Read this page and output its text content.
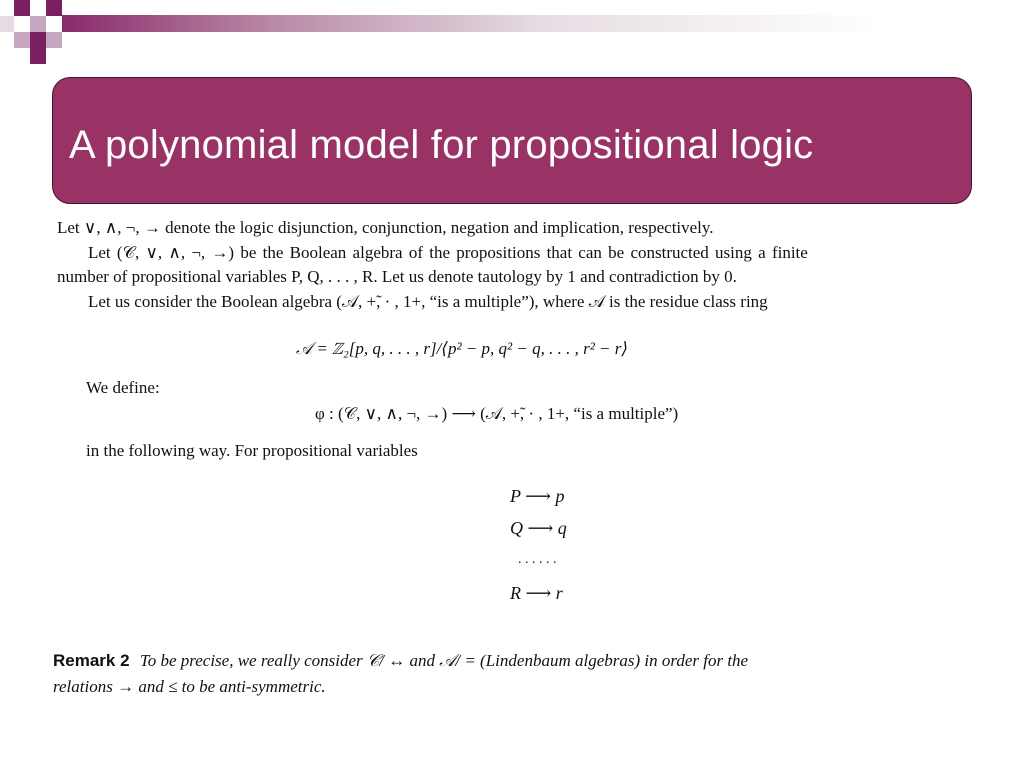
A polynomial model for propositional logic
Let ∨, ∧, ¬, → denote the logic disjunction, conjunction, negation and implication, respectively.
Let (𝒞, ∨, ∧, ¬, →) be the Boolean algebra of the propositions that can be constructed using a finite
number of propositional variables P, Q, . . . , R. Let us denote tautology by 1 and contradiction by 0.
Let us consider the Boolean algebra (𝒜, +̃, · , 1+, “is a multiple”), where 𝒜 is the residue class ring
𝒜 = ℤ₂[p, q, . . . , r]/⟨p² − p, q² − q, . . . , r² − r⟩
We define:
φ : (𝒞, ∨, ∧, ¬, →) ⟶ (𝒜, +̃, · , 1+, “is a multiple”)
in the following way. For propositional variables
P ⟶ p
Q ⟶ q
. . . . . .
R ⟶ r
Remark 2 To be precise, we really consider 𝒞/ ↔ and 𝒜/ = (Lindenbaum algebras) in order for the
relations → and ≤ to be anti-symmetric.
